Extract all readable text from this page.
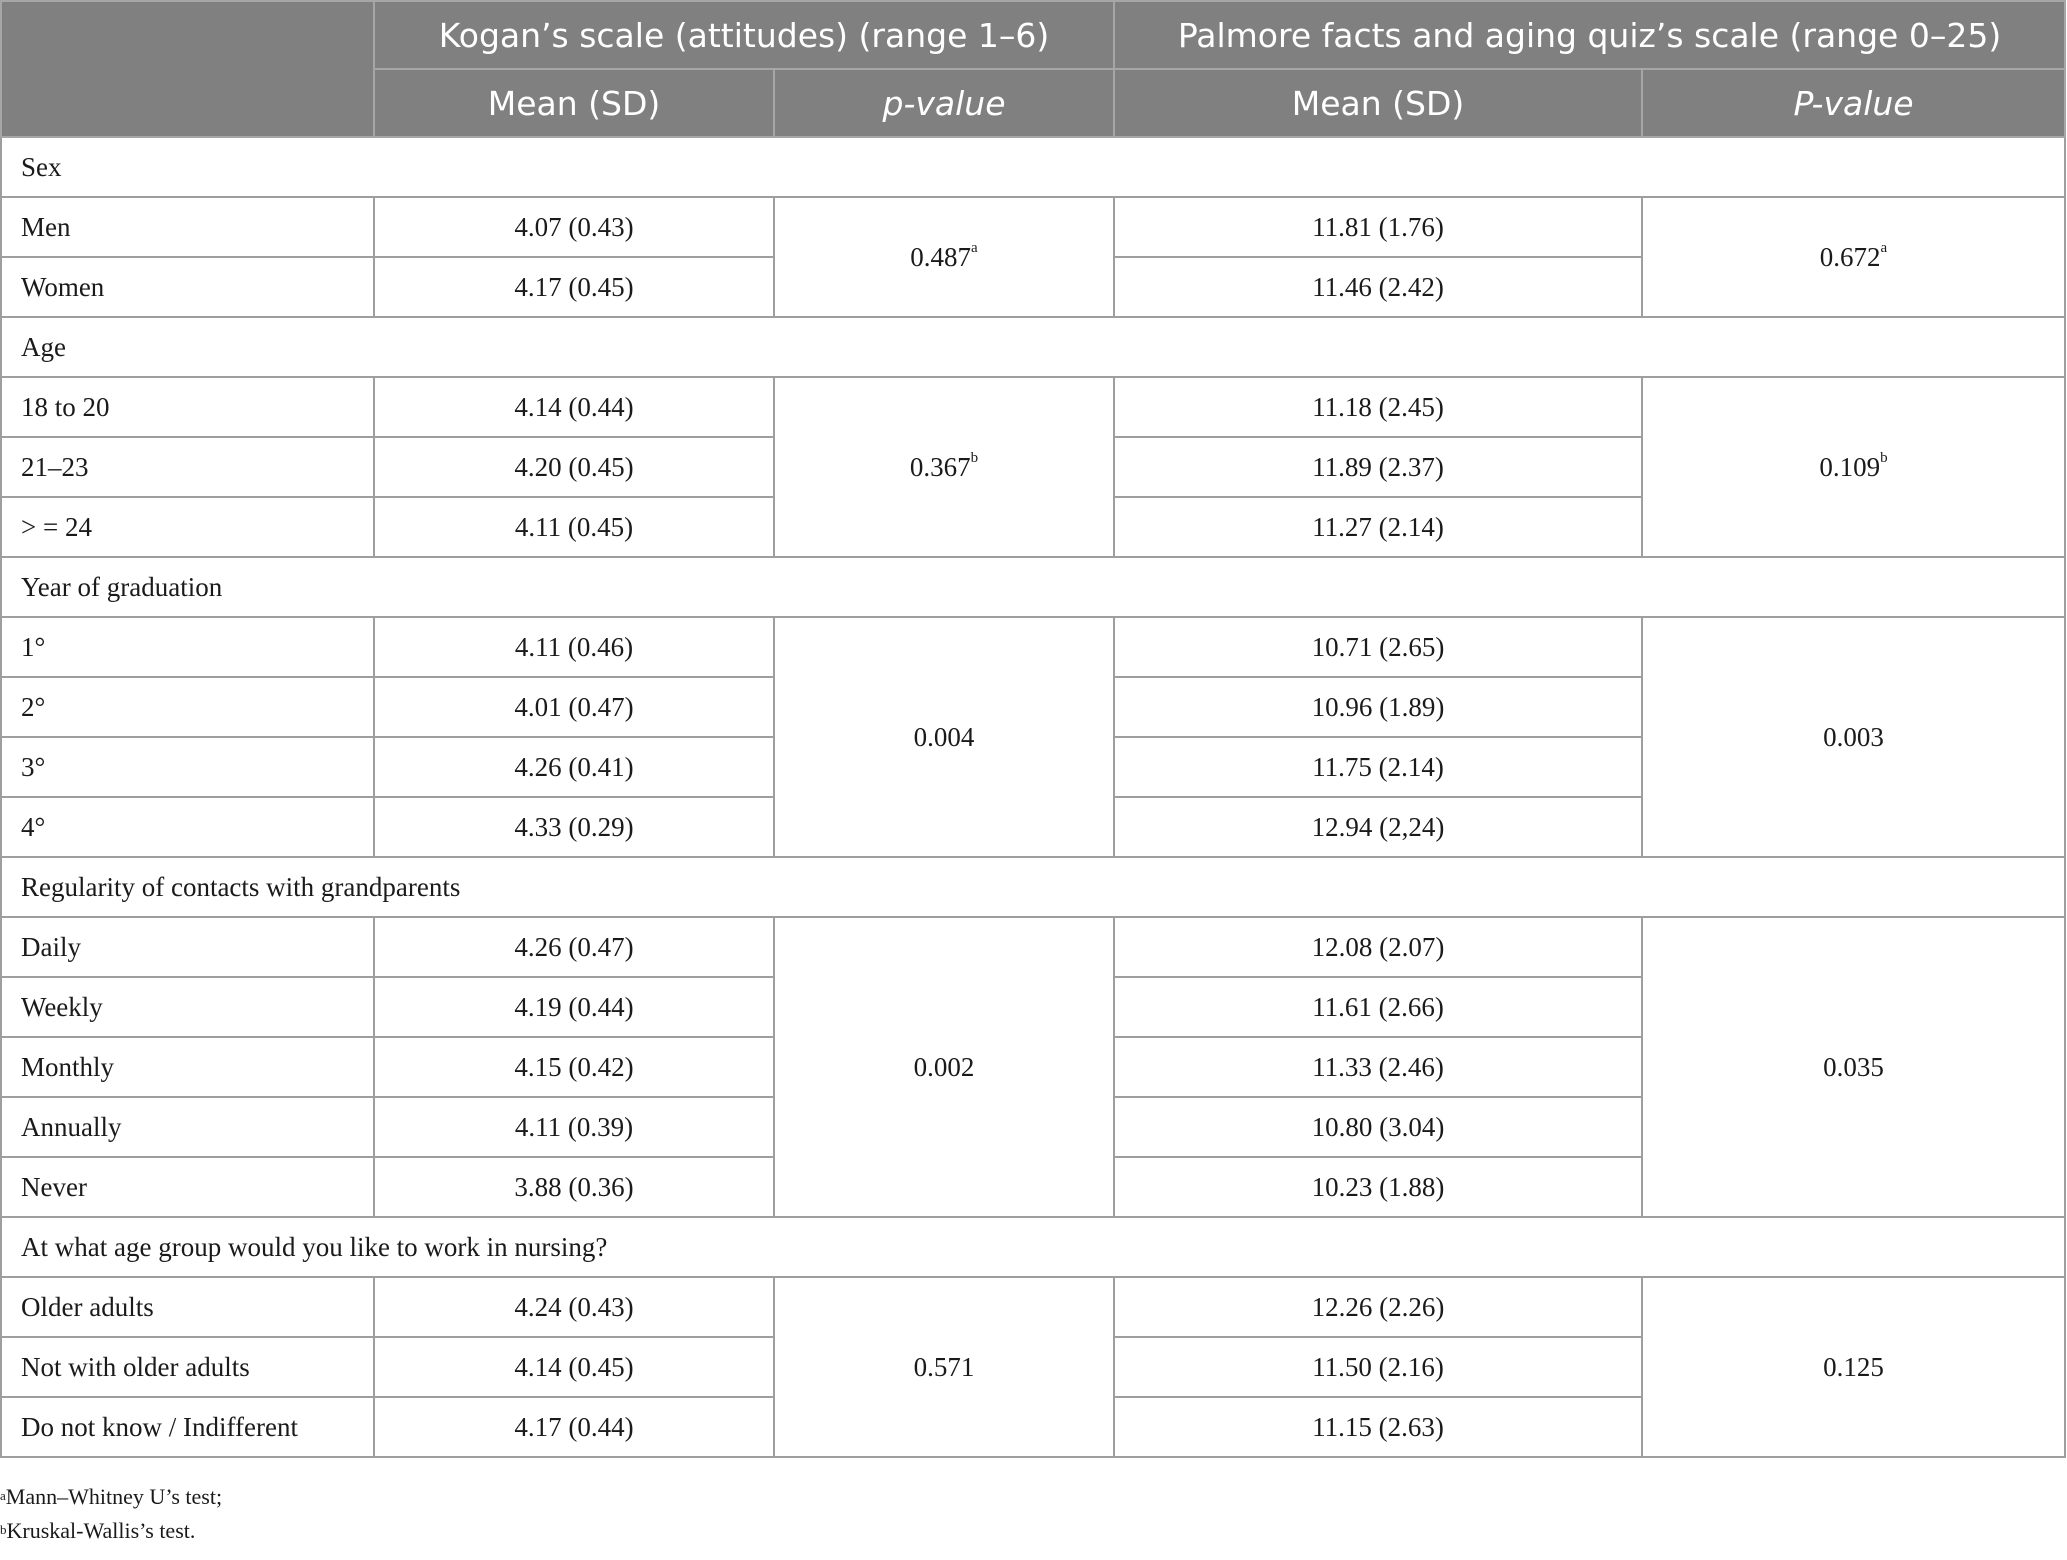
	Kogan’s scale (attitudes) (range 1–6)		Palmore facts and aging quiz’s scale (range 0–25)	
	Mean (SD)	p-value	Mean (SD)	P-value
Sex				
Men	4.07 (0.43)	0.487$^a$	11.81 (1.76)	0.672$^a$
Women	4.17 (0.45)		11.46 (2.42)	
Age				
18 to 20	4.14 (0.44)	0.367$^b$	11.18 (2.45)	0.109$^b$
21–23	4.20 (0.45)		11.89 (2.37)	
> = 24	4.11 (0.45)		11.27 (2.14)	
Year of graduation				
1°	4.11 (0.46)	0.004	10.71 (2.65)	0.003
2°	4.01 (0.47)		10.96 (1.89)	
3°	4.26 (0.41)		11.75 (2.14)	
4°	4.33 (0.29)		12.94 (2,24)	
Regularity of contacts with grandparents				
Daily	4.26 (0.47)	0.002	12.08 (2.07)	0.035
Weekly	4.19 (0.44)		11.61 (2.66)	
Monthly	4.15 (0.42)		11.33 (2.46)	
Annually	4.11 (0.39)		10.80 (3.04)	
Never	3.88 (0.36)		10.23 (1.88)	
At what age group would you like to work in nursing?				
Older adults	4.24 (0.43)	0.571	12.26 (2.26)	0.125
Not with older adults	4.14 (0.45)		11.50 (2.16)	
Do not know / Indifferent	4.17 (0.44)		11.15 (2.63)	
$^a$Mann–Whitney U’s test;
$^b$Kruskal-Wallis’s test.
